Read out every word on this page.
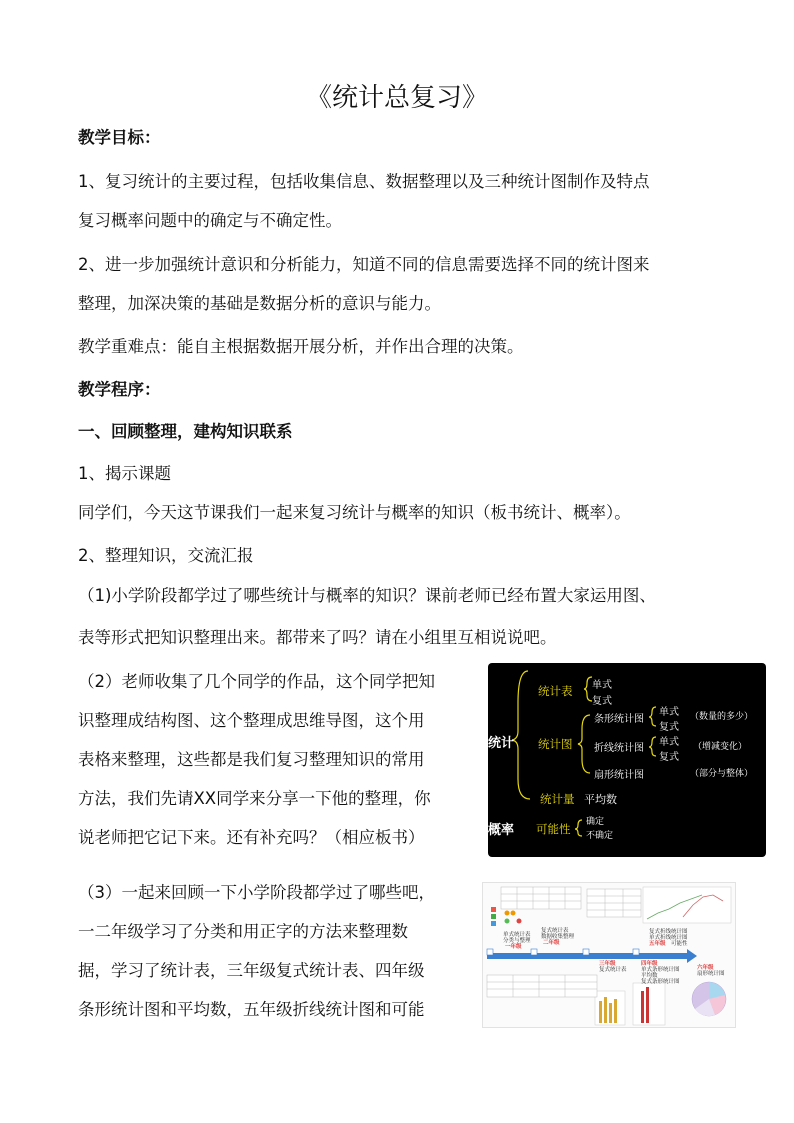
《统计总复习》
教学目标：
1、复习统计的主要过程，包括收集信息、数据整理以及三种统计图制作及特点
复习概率问题中的确定与不确定性。
2、进一步加强统计意识和分析能力，知道不同的信息需要选择不同的统计图来
整理，加深决策的基础是数据分析的意识与能力。
教学重难点：能自主根据数据开展分析，并作出合理的决策。
教学程序：
一、回顾整理，建构知识联系
1、揭示课题
同学们，今天这节课我们一起来复习统计与概率的知识（板书统计、概率）。
2、整理知识，交流汇报
（1)小学阶段都学过了哪些统计与概率的知识？课前老师已经布置大家运用图、
表等形式把知识整理出来。都带来了吗？请在小组里互相说说吧。
（2）老师收集了几个同学的作品，这个同学把知
识整理成结构图、这个整理成思维导图，这个用
表格来整理，这些都是我们复习整理知识的常用
方法，我们先请XX同学来分享一下他的整理，你
说老师把它记下来。还有补充吗？（相应板书）
（3）一起来回顾一下小学阶段都学过了哪些吧，
一二年级学习了分类和用正字的方法来整理数
据，学习了统计表，三年级复式统计表、四年级
条形统计图和平均数，五年级折线统计图和可能
统计
概率
统计表 单式
复式
统计图
条形统计图
折线统计图
扇形统计图
单式
复式
单式
复式
（数量的多少）
（增减变化）
（部分与整体）
统计量 平均数
可能性 确定
不确定
单式统计表
分类与整理
一年级
复式统计表
数据收集整理
二年级
三年级
复式统计表
四年级
单式条形统计图
平均数
复式条形统计图
复式折线统计图
单式折线统计图
五年级 可能性
六年级
扇形统计图
